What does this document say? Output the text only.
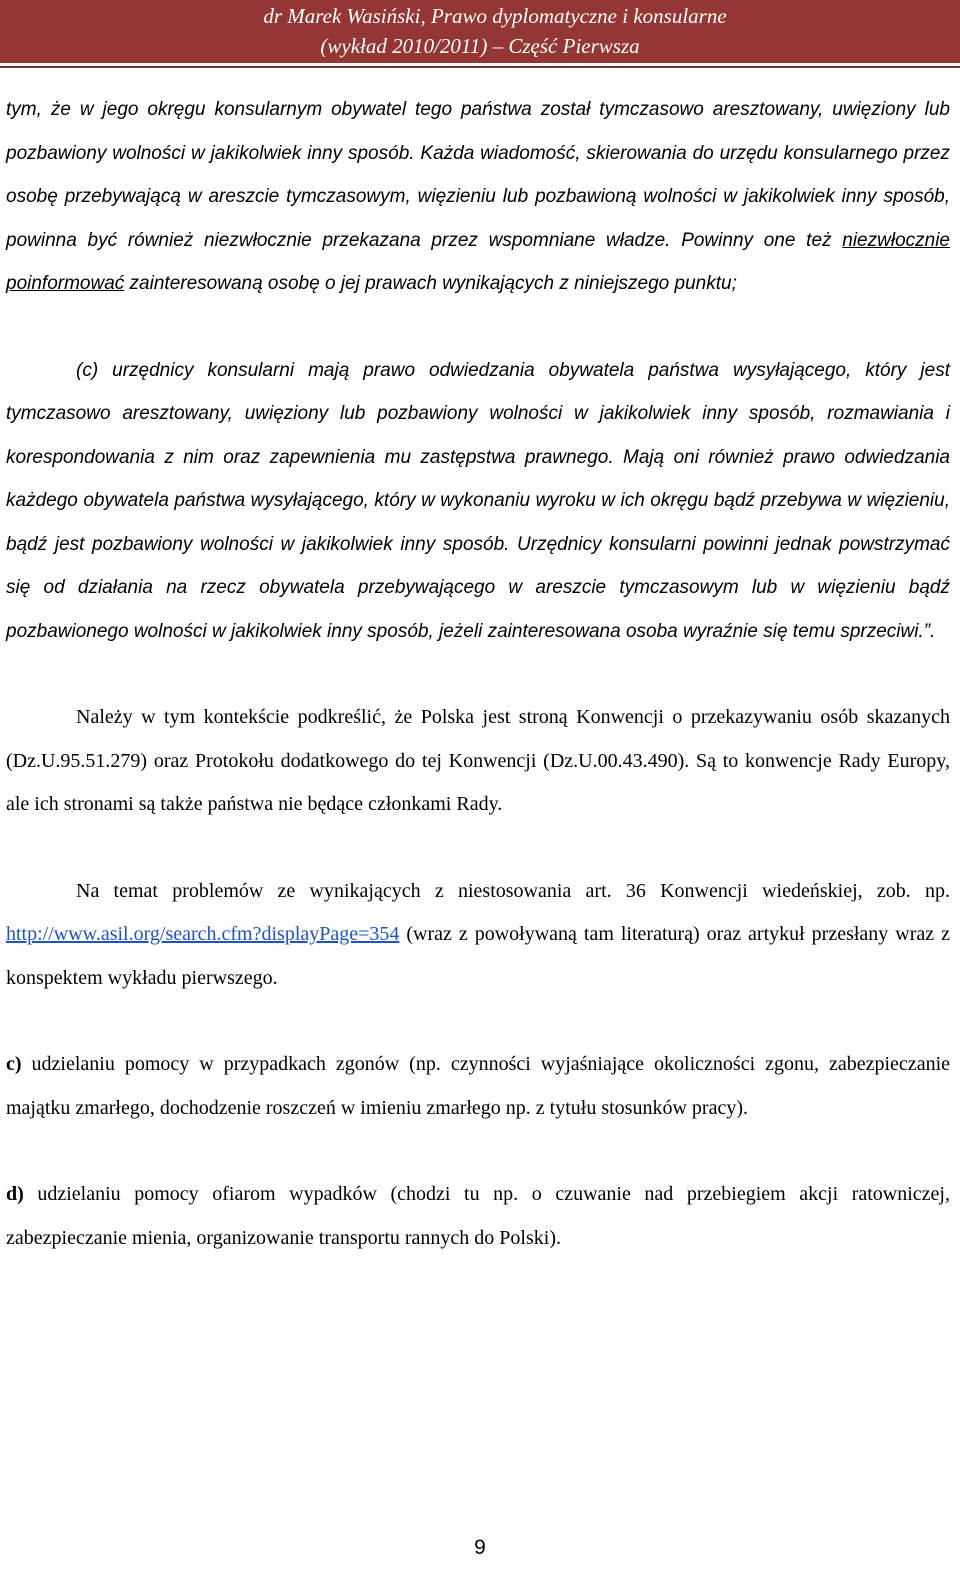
dr Marek Wasiński, Prawo dyplomatyczne i konsularne
(wykład 2010/2011) – Część Pierwsza

tym, że w jego okręgu konsularnym obywatel tego państwa został tymczasowo aresztowany, uwięziony lub pozbawiony wolności w jakikolwiek inny sposób. Każda wiadomość, skierowania do urzędu konsularnego przez osobę przebywającą w areszcie tymczasowym, więzieniu lub pozbawioną wolności w jakikolwiek inny sposób, powinna być również niezwłocznie przekazana przez wspomniane władze. Powinny one też niezwłocznie poinformować zainteresowaną osobę o jej prawach wynikających z niniejszego punktu;

(c) urzędnicy konsularni mają prawo odwiedzania obywatela państwa wysyłającego, który jest tymczasowo aresztowany, uwięziony lub pozbawiony wolności w jakikolwiek inny sposób, rozmawiania i korespondowania z nim oraz zapewnienia mu zastępstwa prawnego. Mają oni również prawo odwiedzania każdego obywatela państwa wysyłającego, który w wykonaniu wyroku w ich okręgu bądź przebywa w więzieniu, bądź jest pozbawiony wolności w jakikolwiek inny sposób. Urzędnicy konsularni powinni jednak powstrzymać się od działania na rzecz obywatela przebywającego w areszcie tymczasowym lub w więzieniu bądź pozbawionego wolności w jakikolwiek inny sposób, jeżeli zainteresowana osoba wyraźnie się temu sprzeciwi.”.

Należy w tym kontekście podkreślić, że Polska jest stroną Konwencji o przekazywaniu osób skazanych (Dz.U.95.51.279) oraz Protokołu dodatkowego do tej Konwencji (Dz.U.00.43.490). Są to konwencje Rady Europy, ale ich stronami są także państwa nie będące członkami Rady.

Na temat problemów ze wynikających z niestosowania art. 36 Konwencji wiedeńskiej, zob. np. http://www.asil.org/search.cfm?displayPage=354 (wraz z powoływaną tam literaturą) oraz artykuł przesłany wraz z konspektem wykładu pierwszego.

c) udzielaniu pomocy w przypadkach zgonów (np. czynności wyjaśniające okoliczności zgonu, zabezpieczanie majątku zmarłego, dochodzenie roszczeń w imieniu zmarłego np. z tytułu stosunków pracy).

d) udzielaniu pomocy ofiarom wypadków (chodzi tu np. o czuwanie nad przebiegiem akcji ratowniczej, zabezpieczanie mienia, organizowanie transportu rannych do Polski).

9
